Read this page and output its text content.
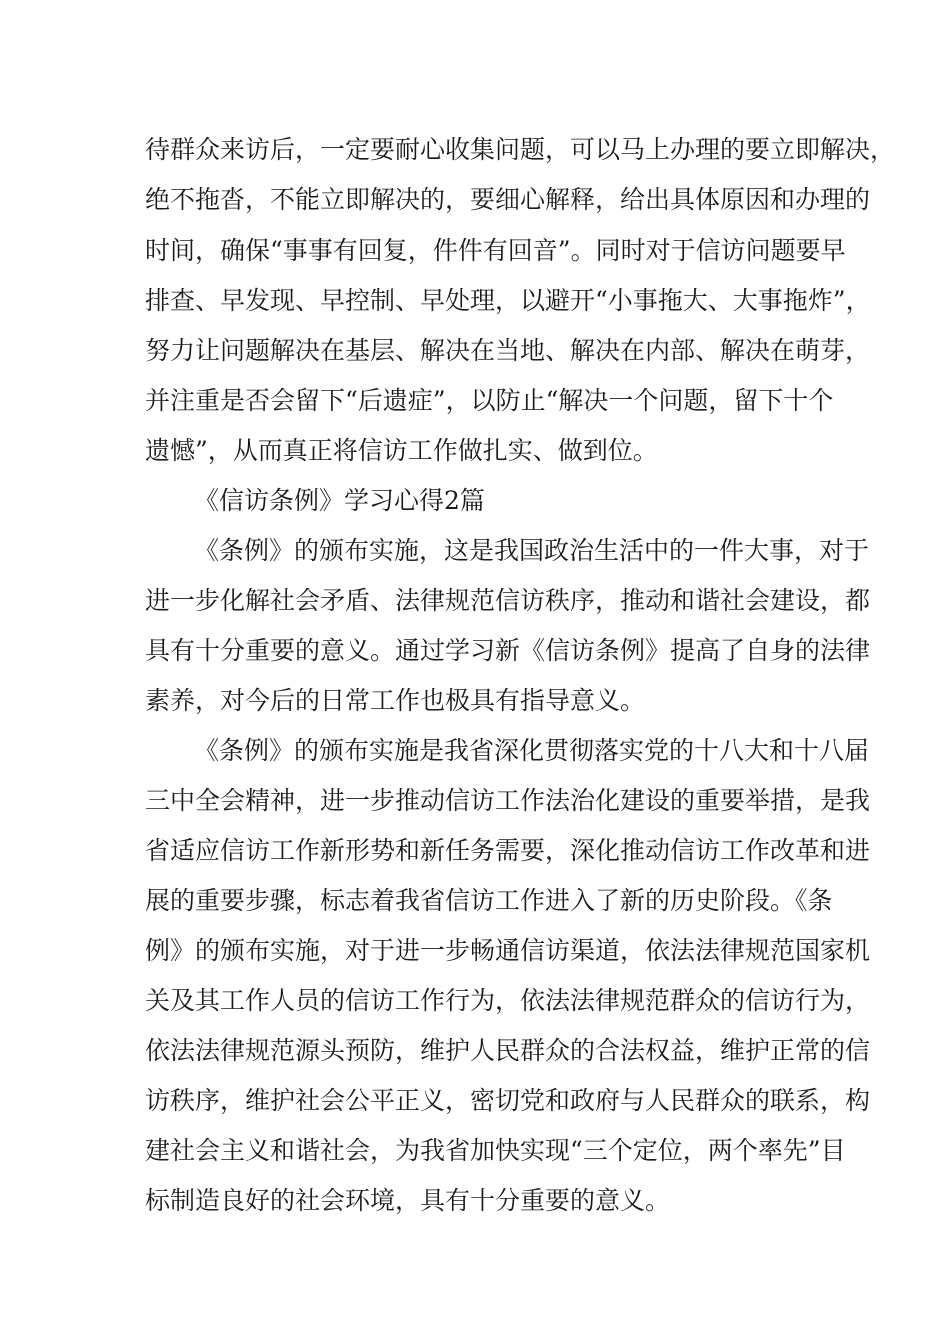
待群众来访后，一定要耐心收集问题，可以马上办理的要立即解决，
绝不拖沓，不能立即解决的，要细心解释，给出具体原因和办理的
时间，确保“事事有回复，件件有回音”。同时对于信访问题要早
排查、早发现、早控制、早处理，以避开“小事拖大、大事拖炸”，
努力让问题解决在基层、解决在当地、解决在内部、解决在萌芽，
并注重是否会留下“后遗症”，以防止“解决一个问题，留下十个
遗憾”，从而真正将信访工作做扎实、做到位。
《信访条例》学习心得2篇
《条例》的颁布实施，这是我国政治生活中的一件大事，对于
进一步化解社会矛盾、法律规范信访秩序，推动和谐社会建设，都
具有十分重要的意义。通过学习新《信访条例》提高了自身的法律
素养，对今后的日常工作也极具有指导意义。
《条例》的颁布实施是我省深化贯彻落实党的十八大和十八届
三中全会精神，进一步推动信访工作法治化建设的重要举措，是我
省适应信访工作新形势和新任务需要，深化推动信访工作改革和进
展的重要步骤，标志着我省信访工作进入了新的历史阶段。《条
例》的颁布实施，对于进一步畅通信访渠道，依法法律规范国家机
关及其工作人员的信访工作行为，依法法律规范群众的信访行为，
依法法律规范源头预防，维护人民群众的合法权益，维护正常的信
访秩序，维护社会公平正义，密切党和政府与人民群众的联系，构
建社会主义和谐社会，为我省加快实现“三个定位，两个率先”目
标制造良好的社会环境，具有十分重要的意义。
